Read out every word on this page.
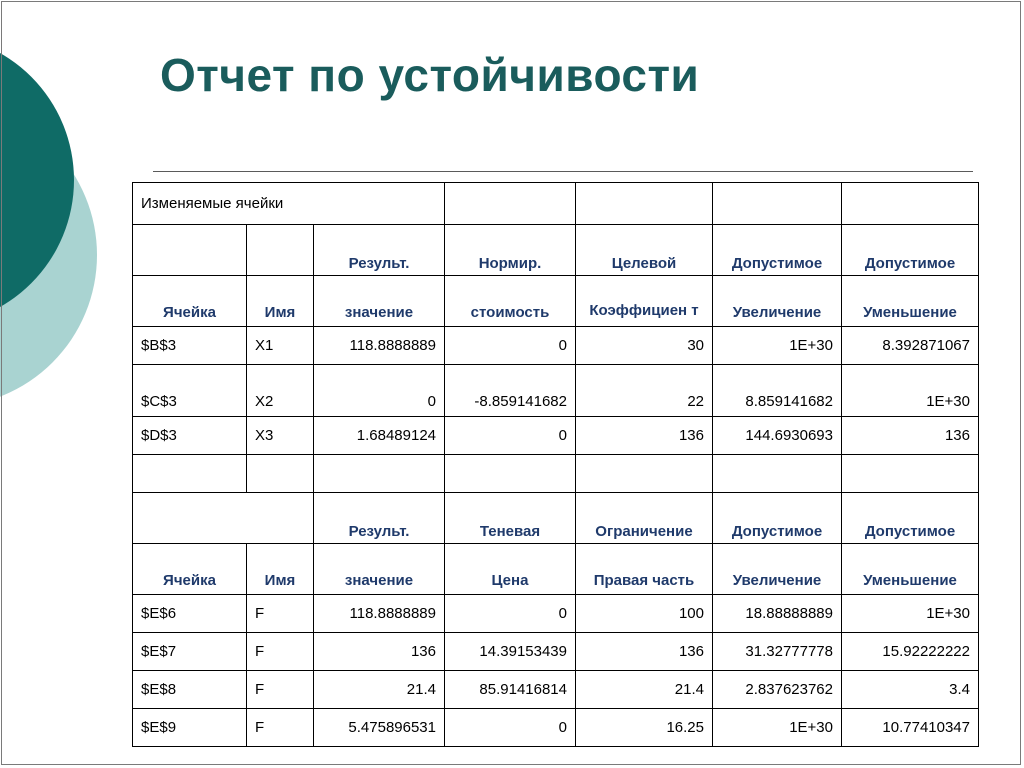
Отчет по устойчивости
Изменяемые ячейки						
		Результ.	Нормир.	Целевой	Допустимое	Допустимое
Ячейка	Имя	значение	стоимость	Коэффициен т	Увеличение	Уменьшение
$B$3	X1	118.8888889	0	30	1E+30	8.392871067
$C$3	X2	0	-8.859141682	22	8.859141682	1E+30
$D$3	X3	1.68489124	0	136	144.6930693	136

		Результ.	Теневая	Ограничение	Допустимое	Допустимое
Ячейка	Имя	значение	Цена	Правая часть	Увеличение	Уменьшение
$E$6	F	118.8888889	0	100	18.88888889	1E+30
$E$7	F	136	14.39153439	136	31.32777778	15.92222222
$E$8	F	21.4	85.91416814	21.4	2.837623762	3.4
$E$9	F	5.475896531	0	16.25	1E+30	10.77410347
